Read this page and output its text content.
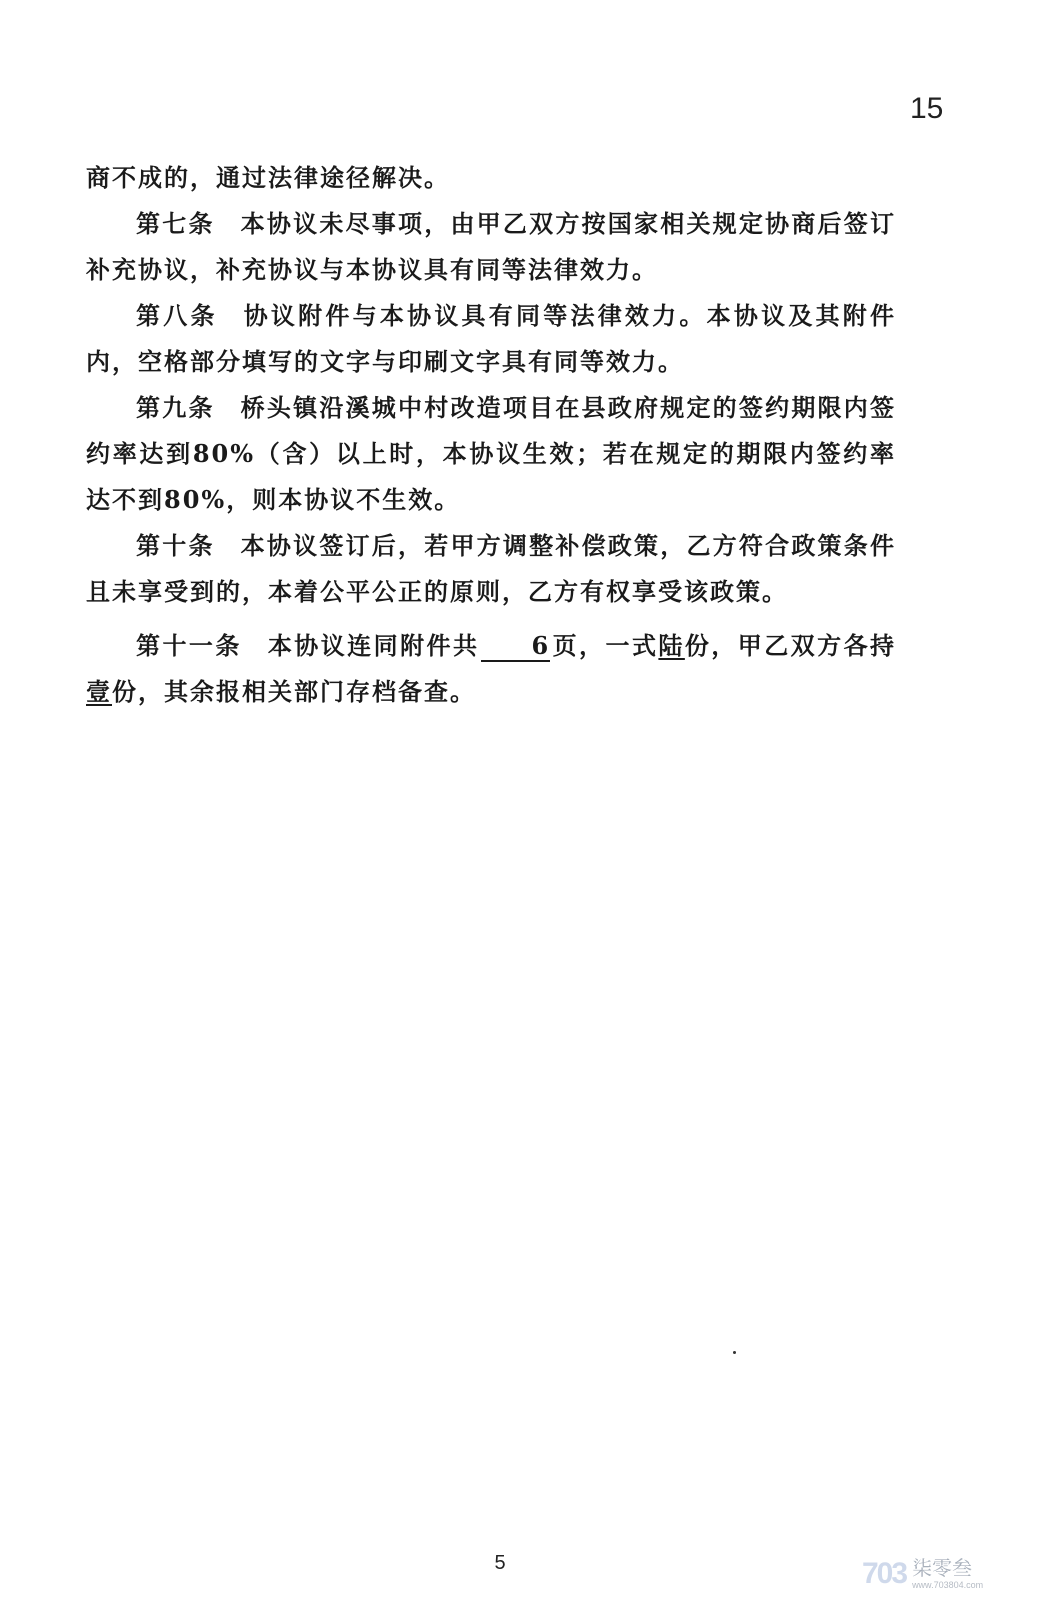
15

商不成的，通过法律途径解决。

第七条 本协议未尽事项，由甲乙双方按国家相关规定协商后签订补充协议，补充协议与本协议具有同等法律效力。

第八条 协议附件与本协议具有同等法律效力。本协议及其附件内，空格部分填写的文字与印刷文字具有同等效力。

第九条 桥头镇沿溪城中村改造项目在县政府规定的签约期限内签约率达到80%（含）以上时，本协议生效；若在规定的期限内签约率达不到80%，则本协议不生效。

第十条 本协议签订后，若甲方调整补偿政策，乙方符合政策条件且未享受到的，本着公平公正的原则，乙方有权享受该政策。

第十一条 本协议连同附件共 6页，一式陆份，甲乙双方各持壹份，其余报相关部门存档备查。

5	703 柒零叁
www.703804.com
